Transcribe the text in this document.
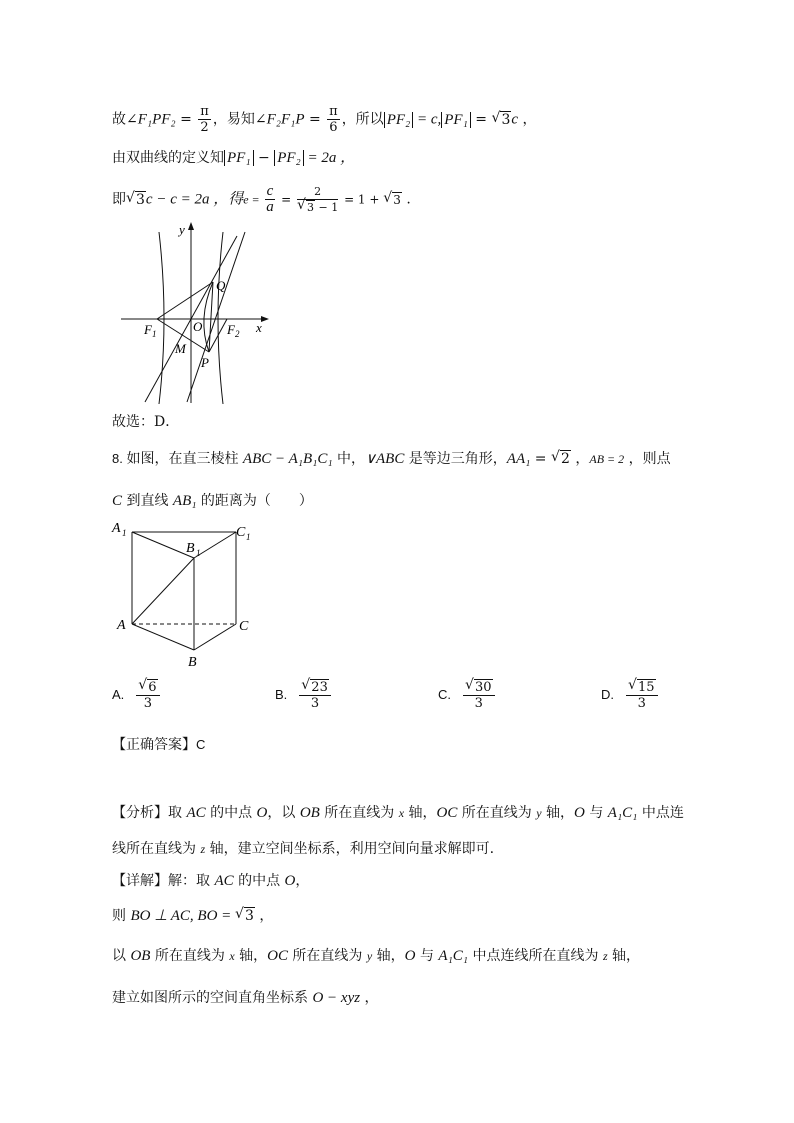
故∠F₁PF₂ = $\frac{\pi}{2}$ ，易知∠F₂F₁P = $\frac{\pi}{6}$ ，所以 PF₂ = c, PF₁ = √ 3c ，
由双曲线的定义知 PF₁ − PF₂ = 2a ，
即 √ 3c − c = 2a ，得$e = \frac{c}{a} = 2$
√ 3 − 1 = 1 + √ 3 .
y
x
Q
O
F 1	F 2
M
P
故选：D．
8. 如图，在直三棱柱 ABC − A₁B₁C₁ 中，∨ABC 是等边三角形，AA₁ = √ 2 ，AB = 2 ，则点
C 到直线 AB₁ 的距离为（　　）
A 1
B 1
C 1
A
B
C
A. √ $\frac{6}{3}$	B. √ $\frac{23}{3}$	C. √ $\frac{30}{3}$	D. √ $\frac{15}{3}$
【正确答案】C
【分析】取 AC 的中点 O，以 OB 所在直线为 x 轴，OC 所在直线为 y 轴，O 与 A₁C₁ 中点连
线所在直线为 z 轴，建立空间坐标系，利用空间向量求解即可.
【详解】解：取 AC 的中点 O，
则 BO ⊥ AC, BO = √ 3 ，
以 OB 所在直线为 x 轴，OC 所在直线为 y 轴，O 与 A₁C₁ 中点连线所在直线为 z 轴，
建立如图所示的空间直角坐标系 O − xyz ，
